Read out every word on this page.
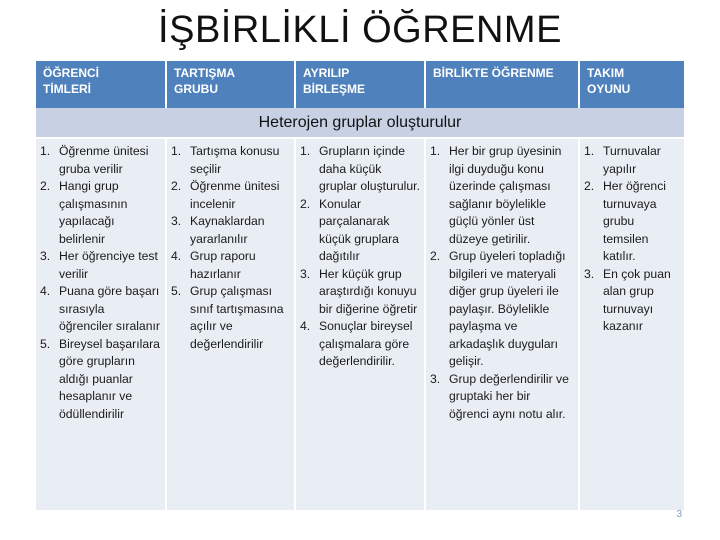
İŞBİRLİKLİ ÖĞRENME
ÖĞRENCİ
TİMLERİ
TARTIŞMA
GRUBU
AYRILIP
BİRLEŞME
BİRLİKTE ÖĞRENME	TAKIM
OYUNU
Heterojen gruplar oluşturulur
1. Öğrenme ünitesi gruba verilir
2. Hangi grup çalışmasının yapılacağı belirlenir
3. Her öğrenciye test verilir
4. Puana göre başarı sırasıyla öğrenciler sıralanır
5. Bireysel başarılara göre grupların aldığı puanlar hesaplanır ve ödüllendirilir
1. Tartışma konusu seçilir
2. Öğrenme ünitesi incelenir
3. Kaynaklardan yararlanılır
4. Grup raporu hazırlanır
5. Grup çalışması sınıf tartışmasına açılır ve değerlendirilir
1. Grupların içinde daha küçük gruplar oluşturulur.
2. Konular parçalanarak küçük gruplara dağıtılır
3. Her küçük grup araştırdığı konuyu bir diğerine öğretir
4. Sonuçlar bireysel çalışmalara göre değerlendirilir.
1. Her bir grup üyesinin ilgi duyduğu konu üzerinde çalışması sağlanır böylelikle güçlü yönler üst düzeye getirilir.
2. Grup üyeleri topladığı bilgileri ve materyali diğer grup üyeleri ile paylaşır. Böylelikle paylaşma ve arkadaşlık duyguları gelişir.
3. Grup değerlendirilir ve gruptaki her bir öğrenci aynı notu alır.
1. Turnuvalar yapılır
2. Her öğrenci turnuvaya grubu temsilen katılır.
3. En çok puan alan grup turnuvayı kazanır
3
